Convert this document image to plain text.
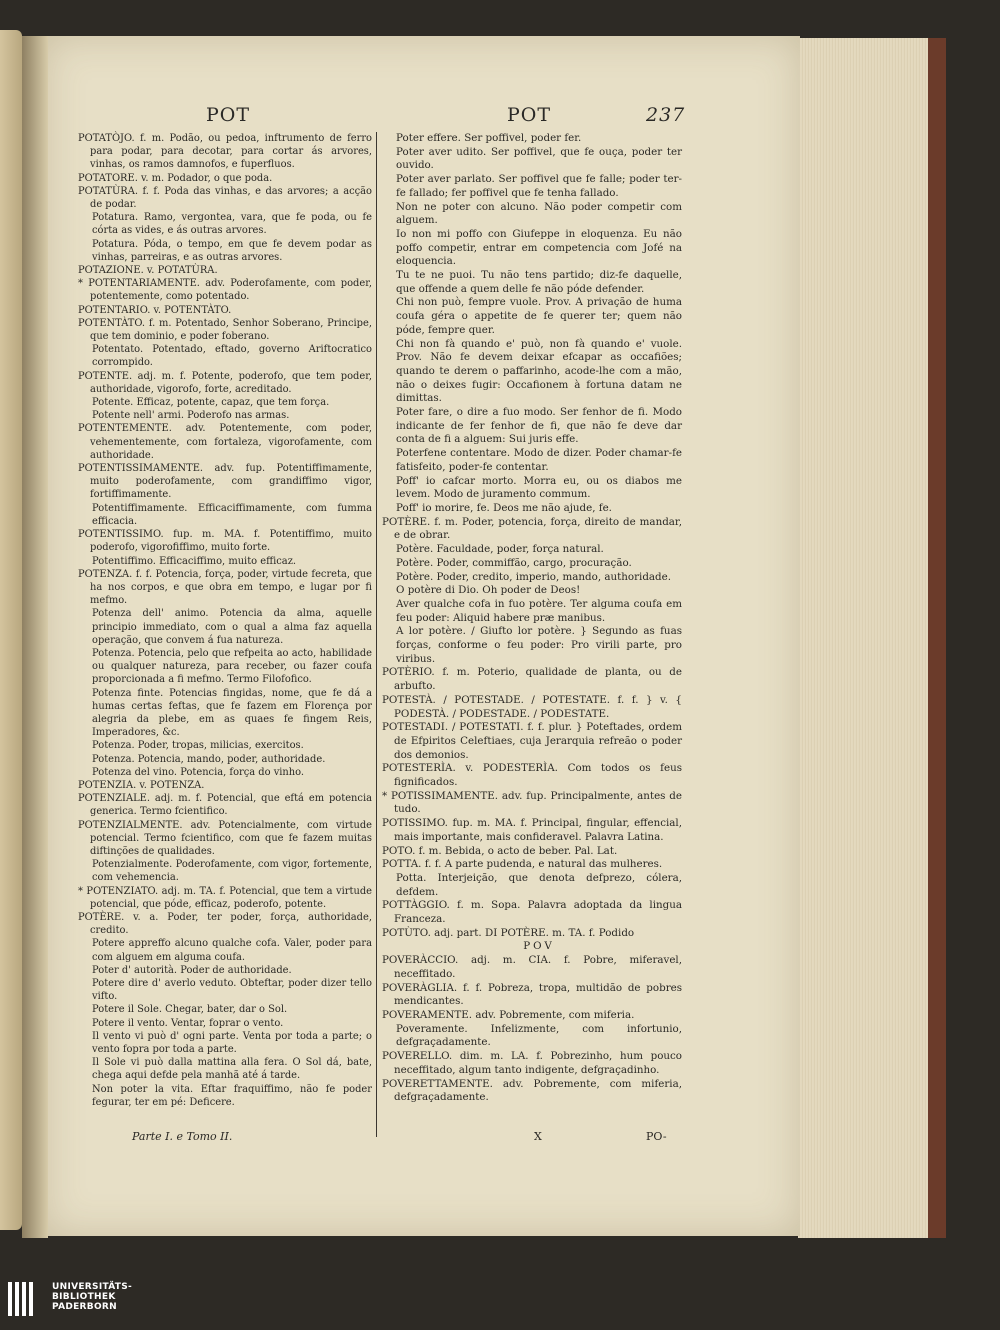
POT	POT	237

POTATÒJO. f. m. Podão, ou pedoa, inftrumento de ferro para podar, para decotar, para cortar ás arvores, vinhas, os ramos damnofos, e fuperfluos.

POTATORE. v. m. Podador, o que poda.

POTATÙRA. f. f. Poda das vinhas, e das arvores; a acção de podar.

Potatura. Ramo, vergontea, vara, que fe poda, ou fe córta as vides, e ás outras arvores.

Potatura. Póda, o tempo, em que fe devem podar as vinhas, parreiras, e as outras arvores.

POTAZIONE. v. POTATÙRA.

* POTENTARIAMENTE. adv. Poderofamente, com poder, potentemente, como potentado.

POTENTARIO. v. POTENTÀTO.

POTENTÀTO. f. m. Potentado, Senhor Soberano, Principe, que tem dominio, e poder foberano.

Potentato. Potentado, eftado, governo Ariftocratico corrompido.

POTENTE. adj. m. f. Potente, poderofo, que tem poder, authoridade, vigorofo, forte, acreditado.

Potente. Efficaz, potente, capaz, que tem força.

Potente nell' armi. Poderofo nas armas.

POTENTEMENTE. adv. Potentemente, com poder, vehementemente, com fortaleza, vigorofamente, com authoridade.

POTENTISSIMAMENTE. adv. fup. Potentiffimamente, muito poderofamente, com grandiffimo vigor, fortiffimamente.

Potentiffimamente. Efficaciffimamente, com fumma efficacia.

POTENTISSIMO. fup. m. MA. f. Potentiffimo, muito poderofo, vigorofiffimo, muito forte.

Potentiffimo. Efficaciffimo, muito efficaz.

POTENZA. f. f. Potencia, força, poder, virtude fecreta, que ha nos corpos, e que obra em tempo, e lugar por fi mefmo.

Potenza dell' animo. Potencia da alma, aquelle principio immediato, com o qual a alma faz aquella operação, que convem á fua natureza.

Potenza. Potencia, pelo que refpeita ao acto, habilidade ou qualquer natureza, para receber, ou fazer coufa proporcionada a fi mefmo. Termo Filofofico.

Potenza finte. Potencias fingidas, nome, que fe dá a humas certas feftas, que fe fazem em Florença por alegria da plebe, em as quaes fe fingem Reis, Imperadores, &c.

Potenza. Poder, tropas, milicias, exercitos.

Potenza. Potencia, mando, poder, authoridade.

Potenza del vino. Potencia, força do vinho.

POTENZIA. v. POTENZA.

POTENZIALE. adj. m. f. Potencial, que eftá em potencia generica. Termo fcientifico.

POTENZIALMENTE. adv. Potencialmente, com virtude potencial. Termo fcientifico, com que fe fazem muitas diftinções de qualidades.

Potenzialmente. Poderofamente, com vigor, fortemente, com vehemencia.

* POTENZIATO. adj. m. TA. f. Potencial, que tem a virtude potencial, que póde, efficaz, poderofo, potente.

POTÈRE. v. a. Poder, ter poder, força, authoridade, credito.

Potere appreffo alcuno qualche cofa. Valer, poder para com alguem em alguma coufa.

Poter d' autorità. Poder de authoridade.

Potere dire d' averlo veduto. Obteftar, poder dizer tello vifto.

Potere il Sole. Chegar, bater, dar o Sol.

Potere il vento. Ventar, foprar o vento.

Il vento vi può d' ogni parte. Venta por toda a parte; o vento fopra por toda a parte.

Il Sole vi può dalla mattina alla fera. O Sol dá, bate, chega aqui defde pela manhã até á tarde.

Non poter la vita. Eftar fraquiffimo, não fe poder fegurar, ter em pé: Deficere.

Poter effere. Ser poffivel, poder fer.

Poter aver udito. Ser poffivel, que fe ouça, poder ter ouvido.

Poter aver parlato. Ser poffivel que fe falle; poder ter-fe fallado; fer poffivel que fe tenha fallado.

Non ne poter con alcuno. Não poder competir com alguem.

Io non mi poffo con Giufeppe in eloquenza. Eu não poffo competir, entrar em competencia com Jofé na eloquencia.

Tu te ne puoi. Tu não tens partido; diz-fe daquelle, que offende a quem delle fe não póde defender.

Chi non può, fempre vuole. Prov. A privação de huma coufa géra o appetite de fe querer ter; quem não póde, fempre quer.

Chi non fà quando e' può, non fà quando e' vuole. Prov. Não fe devem deixar efcapar as occafiões; quando te derem o paffarinho, acode-lhe com a mão, não o deixes fugir: Occafionem à fortuna datam ne dimittas.

Poter fare, o dire a fuo modo. Ser fenhor de fi. Modo indicante de fer fenhor de fi, que não fe deve dar conta de fi a alguem: Sui juris effe.

Poterfene contentare. Modo de dizer. Poder chamar-fe fatisfeito, poder-fe contentar.

Poff' io cafcar morto. Morra eu, ou os diabos me levem. Modo de juramento commum.

Poff' io morire, fe. Deos me não ajude, fe.

POTÈRE. f. m. Poder, potencia, força, direito de mandar, e de obrar.

Potère. Faculdade, poder, força natural.

Potère. Poder, commiffão, cargo, procuração.

Potère. Poder, credito, imperio, mando, authoridade.

O potère di Dio. Oh poder de Deos!

Aver qualche cofa in fuo potère. Ter alguma coufa em feu poder: Aliquid habere præ manibus.

A lor potère. / Giufto lor potère. } Segundo as fuas forças, conforme o feu poder: Pro virili parte, pro viribus.

POTÈRIO. f. m. Poterio, qualidade de planta, ou de arbufto.

POTESTÀ. / POTESTADE. / POTESTATE. f. f. } v. { PODESTÀ. / PODESTADE. / PODESTATE.

POTESTADI. / POTESTATI. f. f. plur. } Poteftades, ordem de Efpiritos Celeftiaes, cuja Jerarquia refreão o poder dos demonios.

POTESTERÌA. v. PODESTERÌA. Com todos os feus fignificados.

* POTISSIMAMENTE. adv. fup. Principalmente, antes de tudo.

POTISSIMO. fup. m. MA. f. Principal, fingular, effencial, mais importante, mais confideravel. Palavra Latina.

POTO. f. m. Bebida, o acto de beber. Pal. Lat.

POTTA. f. f. A parte pudenda, e natural das mulheres.

Potta. Interjeição, que denota defprezo, cólera, defdem.

POTTÀGGIO. f. m. Sopa. Palavra adoptada da lingua Franceza.

POTÙTO. adj. part. DI POTÈRE. m. TA. f. Podido

POV

POVERÀCCIO. adj. m. CIA. f. Pobre, miferavel, neceffitado.

POVERÀGLIA. f. f. Pobreza, tropa, multidão de pobres mendicantes.

POVERAMENTE. adv. Pobremente, com miferia.

Poveramente. Infelizmente, com infortunio, defgraçadamente.

POVERELLO. dim. m. LA. f. Pobrezinho, hum pouco neceffitado, algum tanto indigente, defgraçadinho.

POVERETTAMENTE. adv. Pobremente, com miferia, defgraçadamente.

Parte I. e Tomo II.	X	PO-
UNIVERSITÄTS-
BIBLIOTHEK
PADERBORN
